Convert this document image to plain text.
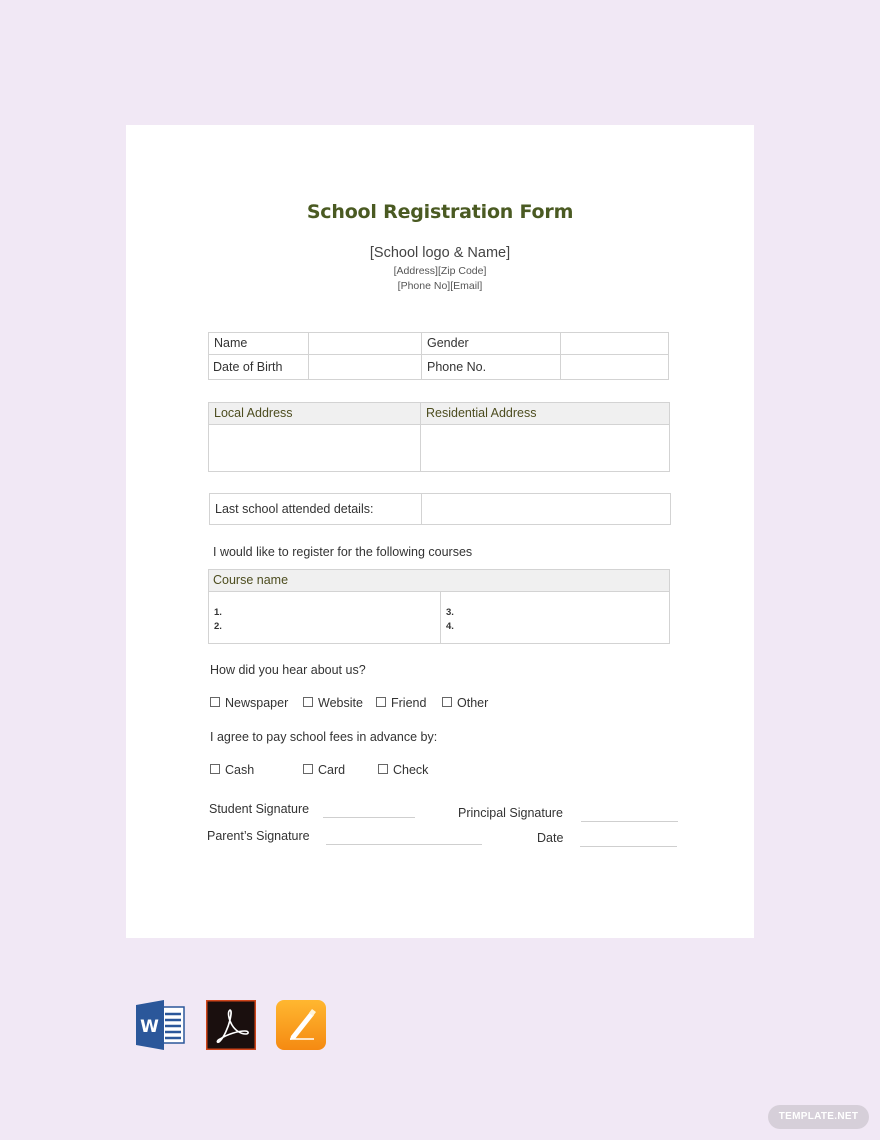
School Registration Form
[School logo & Name]
[Address][Zip Code]
[Phone No][Email]
Name	Gender
Date of Birth	Phone No.
Local Address	Residential Address
Last school attended details:
I would like to register for the following courses
Course name
1.
2.
3.
4.
How did you hear about us?
Newspaper	Website	Friend	Other
I agree to pay school fees in advance by:
Cash	Card	Check
Student Signature	Principal Signature
Parent’s Signature	Date
W
TEMPLATE.NET
